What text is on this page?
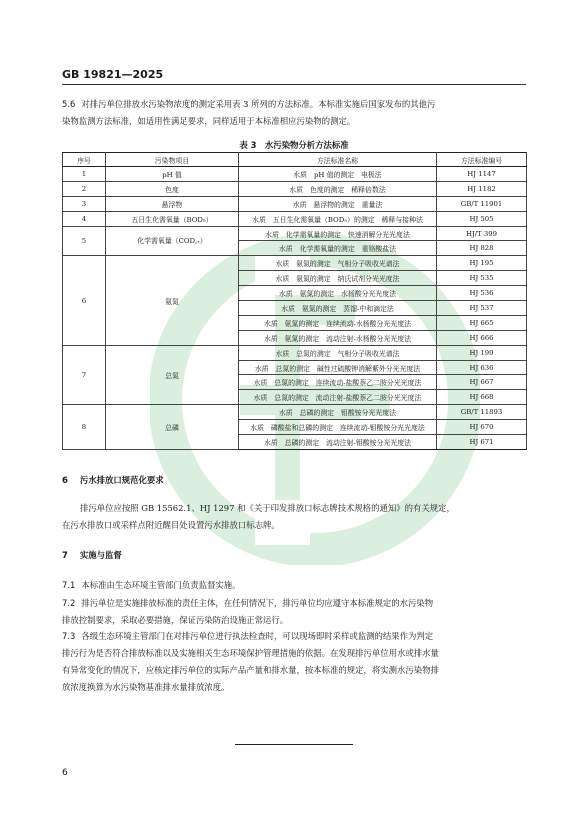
GB 19821—2025
5.6 对排污单位排放水污染物浓度的测定采用表 3 所列的方法标准。本标准实施后国家发布的其他污
染物监测方法标准，如适用性满足要求，同样适用于本标准相应污染物的测定。
表 3　水污染物分析方法标准
序号	污染物项目	方法标准名称	方法标准编号
1	pH 值	水质　pH 值的测定　电极法	HJ 1147
2	色度	水质　色度的测定　稀释倍数法	HJ 1182
3	悬浮物	水质　悬浮物的测定　重量法	GB/T 11901
4	五日生化需氧量（BOD₅）	水质　五日生化需氧量（BOD₅）的测定　稀释与接种法	HJ 505
5	化学需氧量（COD꜀ᵣ）	水质　化学需氧量的测定　快速消解分光光度法	HJ/T 399
		水质　化学需氧量的测定　重铬酸盐法	HJ 828
6	氨氮	水质　氨氮的测定　气相分子吸收光谱法	HJ 195
		水质　氨氮的测定　纳氏试剂分光光度法	HJ 535
		水质　氨氮的测定　水杨酸分光光度法	HJ 536
		水质　氨氮的测定　蒸馏-中和滴定法	HJ 537
		水质　氨氮的测定　连续流动-水杨酸分光光度法	HJ 665
		水质　氨氮的测定　流动注射-水杨酸分光光度法	HJ 666
7	总氮	水质　总氮的测定　气相分子吸收光谱法	HJ 199
		水质　总氮的测定　碱性过硫酸钾消解紫外分光光度法	HJ 636
		水质　总氮的测定　连续流动-盐酸萘乙二胺分光光度法	HJ 667
		水质　总氮的测定　流动注射-盐酸萘乙二胺分光光度法	HJ 668
8	总磷	水质　总磷的测定　钼酸铵分光光度法	GB/T 11893
		水质　磷酸盐和总磷的测定　连续流动-钼酸铵分光光度法	HJ 670
		水质　总磷的测定　流动注射-钼酸铵分光光度法	HJ 671
6 污水排放口规范化要求
排污单位应按照 GB 15562.1、HJ 1297 和《关于印发排放口标志牌技术规格的通知》的有关规定，
在污水排放口或采样点附近醒目处设置污水排放口标志牌。
7 实施与监督
7.1 本标准由生态环境主管部门负责监督实施。
7.2 排污单位是实施排放标准的责任主体，在任何情况下，排污单位均应遵守本标准规定的水污染物
排放控制要求，采取必要措施，保证污染防治设施正常运行。
7.3 各级生态环境主管部门在对排污单位进行执法检查时，可以现场即时采样或监测的结果作为判定
排污行为是否符合排放标准以及实施相关生态环境保护管理措施的依据。在发现排污单位用水或排水量
有异常变化的情况下，应核定排污单位的实际产品产量和排水量，按本标准的规定，将实测水污染物排
放浓度换算为水污染物基准排水量排放浓度。
6
